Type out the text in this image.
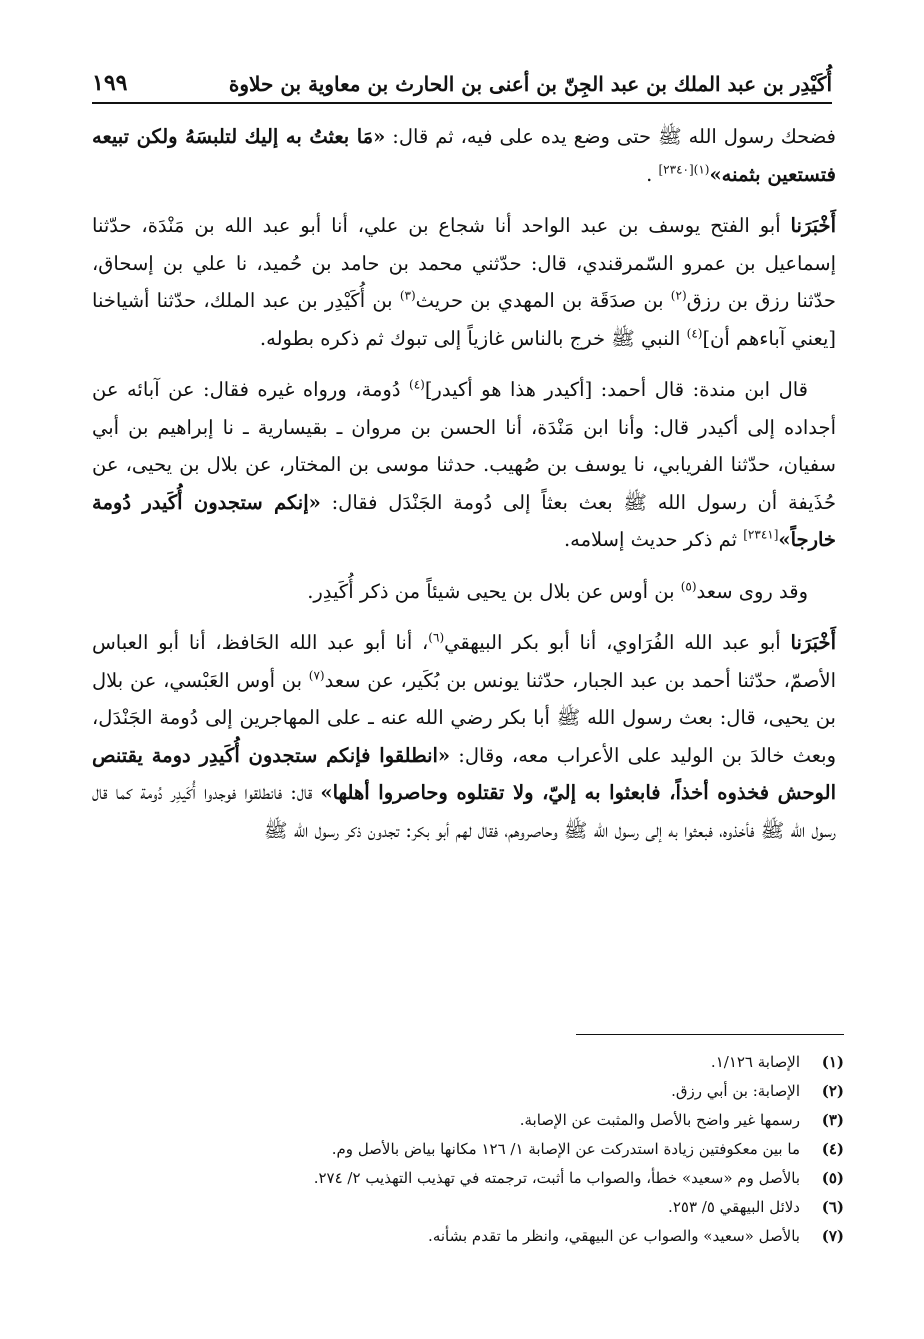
أُكَيْدِر بن عبد الملك بن عبد الجِنّ بن أعنى بن الحارث بن معاوية بن حلاوة
١٩٩

فضحك رسول الله ﷺ حتى وضع يده على فيه، ثم قال: «مَا بعثتُ به إليك لتلبسَهُ ولكن تبيعه فتستعين بثمنه»$^{(١)[٢٣٤٠]}$ .

أَخْبَرَنا أبو الفتح يوسف بن عبد الواحد أنا شجاع بن علي، أنا أبو عبد الله بن مَنْدَة، حدّثنا إسماعيل بن عمرو السّمرقندي، قال: حدّثني محمد بن حامد بن حُميد، نا علي بن إسحاق، حدّثنا رزق بن رزق$^{(٢)}$ بن صدَقَة بن المهدي بن حريث$^{(٣)}$ بن أُكَيْدِر بن عبد الملك، حدّثنا أشياخنا [يعني آباءهم أن]$^{(٤)}$ النبي ﷺ خرج بالناس غازياً إلى تبوك ثم ذكره بطوله.

قال ابن مندة: قال أحمد: [أكيدر هذا هو أكيدر]$^{(٤)}$ دُومة، ورواه غيره فقال: عن آبائه عن أجداده إلى أكيدر قال: وأنا ابن مَنْدَة، أنا الحسن بن مروان ـ بقيسارية ـ نا إبراهيم بن أبي سفيان، حدّثنا الفريابي، نا يوسف بن صُهيب. حدثنا موسى بن المختار، عن بلال بن يحيى، عن حُذَيفة أن رسول الله ﷺ بعث بعثاً إلى دُومة الجَنْدَل فقال: «إنكم ستجدون أُكَيدر دُومة خارجاً»[٢٣٤١] ثم ذكر حديث إسلامه.

وقد روى سعد$^{(٥)}$ بن أوس عن بلال بن يحيى شيئاً من ذكر أُكَيدِر.

أَخْبَرَنا أبو عبد الله الفُرَاوي، أنا أبو بكر البيهقي$^{(٦)}$، أنا أبو عبد الله الحَافظ، أنا أبو العباس الأصمّ، حدّثنا أحمد بن عبد الجبار، حدّثنا يونس بن بُكَير، عن سعد$^{(٧)}$ بن أوس العَبْسي، عن بلال بن يحيى، قال: بعث رسول الله ﷺ أبا بكر رضي الله عنه ـ على المهاجرين إلى دُومة الجَنْدَل، وبعث خالدَ بن الوليد على الأعراب معه، وقال: «انطلقوا فإنكم ستجدون أُكَيدِر دومة يقتنص الوحش فخذوه أخذاً، فابعثوا به إليّ، ولا تقتلوه وحاصروا أهلها» قال: فانطلقوا فوجدوا أُكَيدِر دُومة كما قال رسول الله ﷺ فأخذوه، فبعثوا به إلى رسول الله ﷺ وحاصروهم، فقال لهم أبو بكر: تجدون ذكر رسول الله ﷺ

(١)
الإصابة ١/١٢٦.
(٢)
الإصابة: بن أبي رزق.
(٣)
رسمها غير واضح بالأصل والمثبت عن الإصابة.
(٤)
ما بين معكوفتين زيادة استدركت عن الإصابة ١/ ١٢٦ مكانها بياض بالأصل وم.
(٥)
بالأصل وم «سعيد» خطأ، والصواب ما أثبت، ترجمته في تهذيب التهذيب ٢/ ٢٧٤.
(٦)
دلائل البيهقي ٥/ ٢٥٣.
(٧)
بالأصل «سعيد» والصواب عن البيهقي، وانظر ما تقدم بشأنه.
